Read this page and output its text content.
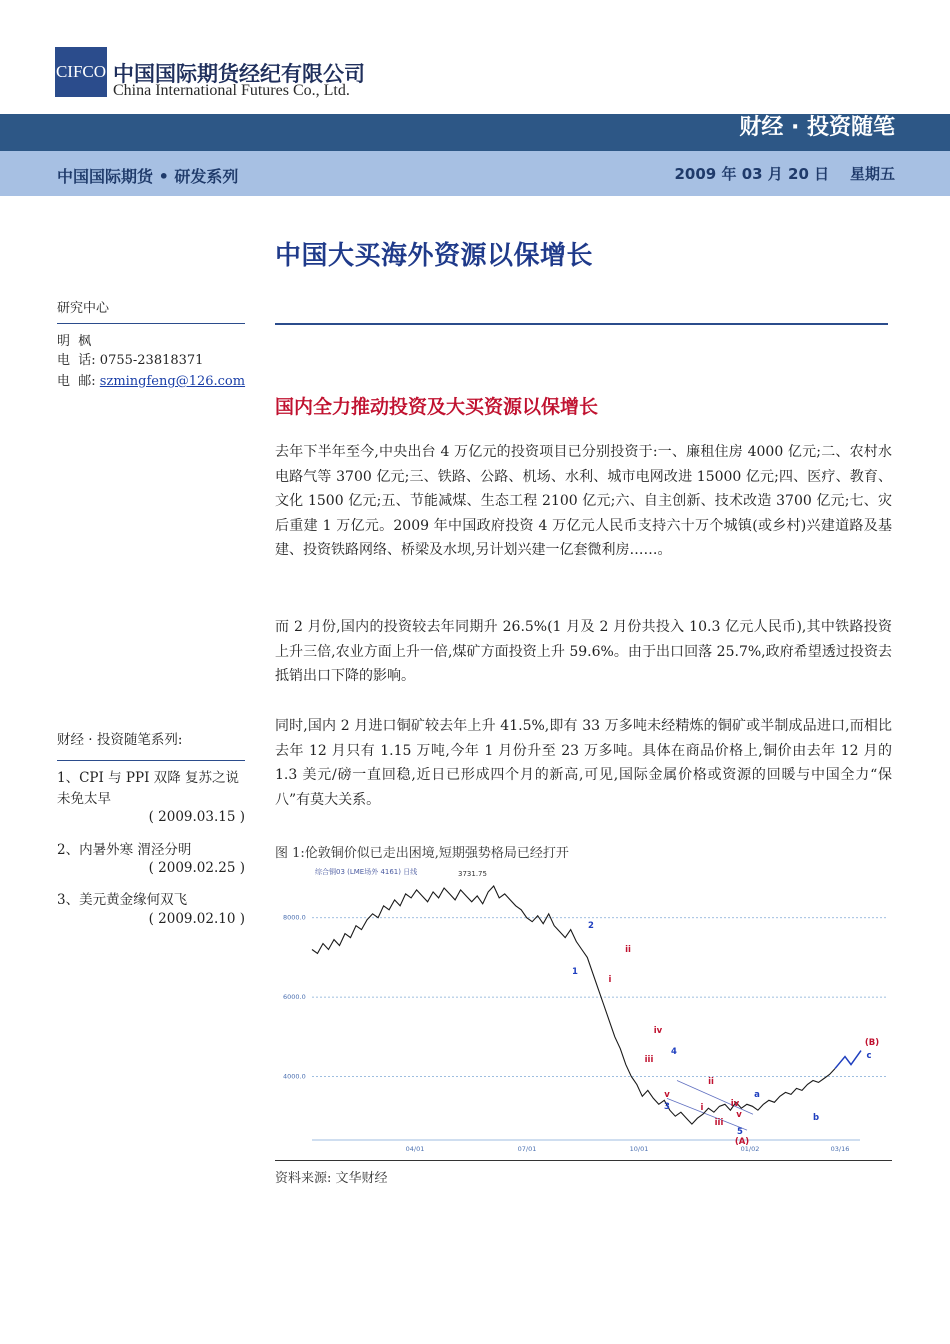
CIFCO 中国国际期货经纪有限公司
China International Futures Co., Ltd.
财经 · 投资随笔
中国国际期货 • 研发系列	2009 年 03 月 20 日    星期五
中国大买海外资源以保增长
研究中心
明  枫
电  话: 0755-23818371
电  邮: szmingfeng@126.com
财经 · 投资随笔系列:
1、CPI 与 PPI 双降 复苏之说未免太早
( 2009.03.15 )
2、内暑外寒 渭泾分明
( 2009.02.25 )
3、美元黄金缘何双飞
( 2009.02.10 )
国内全力推动投资及大买资源以保增长
去年下半年至今,中央出台 4 万亿元的投资项目已分别投资于:一、廉租住房 4000 亿元;二、农村水电路气等 3700 亿元;三、铁路、公路、机场、水利、城市电网改进 15000 亿元;四、医疗、教育、文化 1500 亿元;五、节能减煤、生态工程 2100 亿元;六、自主创新、技术改造 3700 亿元;七、灾后重建 1 万亿元。2009 年中国政府投资 4 万亿元人民币支持六十万个城镇(或乡村)兴建道路及基建、投资铁路网络、桥梁及水坝,另计划兴建一亿套微利房……。
而 2 月份,国内的投资较去年同期升 26.5%(1 月及 2 月份共投入 10.3 亿元人民币),其中铁路投资上升三倍,农业方面上升一倍,煤矿方面投资上升 59.6%。由于出口回落 25.7%,政府希望透过投资去抵销出口下降的影响。
同时,国内 2 月进口铜矿较去年上升 41.5%,即有 33 万多吨未经精炼的铜矿或半制成品进口,而相比去年 12 月只有 1.15 万吨,今年 1 月份升至 23 万多吨。具体在商品价格上,铜价由去年 12 月的 1.3 美元/磅一直回稳,近日已形成四个月的新高,可见,国际金属价格或资源的回暖与中国全力“保八”有莫大关系。
图 1:伦敦铜价似已走出困境,短期强势格局已经打开
综合铜03 (LME场外 4161) 日线	3731.75
8000.0
6000.0
4000.0
04/01	07/01	10/01	01/02	03/16
1
2
i
ii
iii
iv
v
3
4
i
ii
iii
iv
v
5
(A)
a
b
c
(B)
资料来源: 文华财经
